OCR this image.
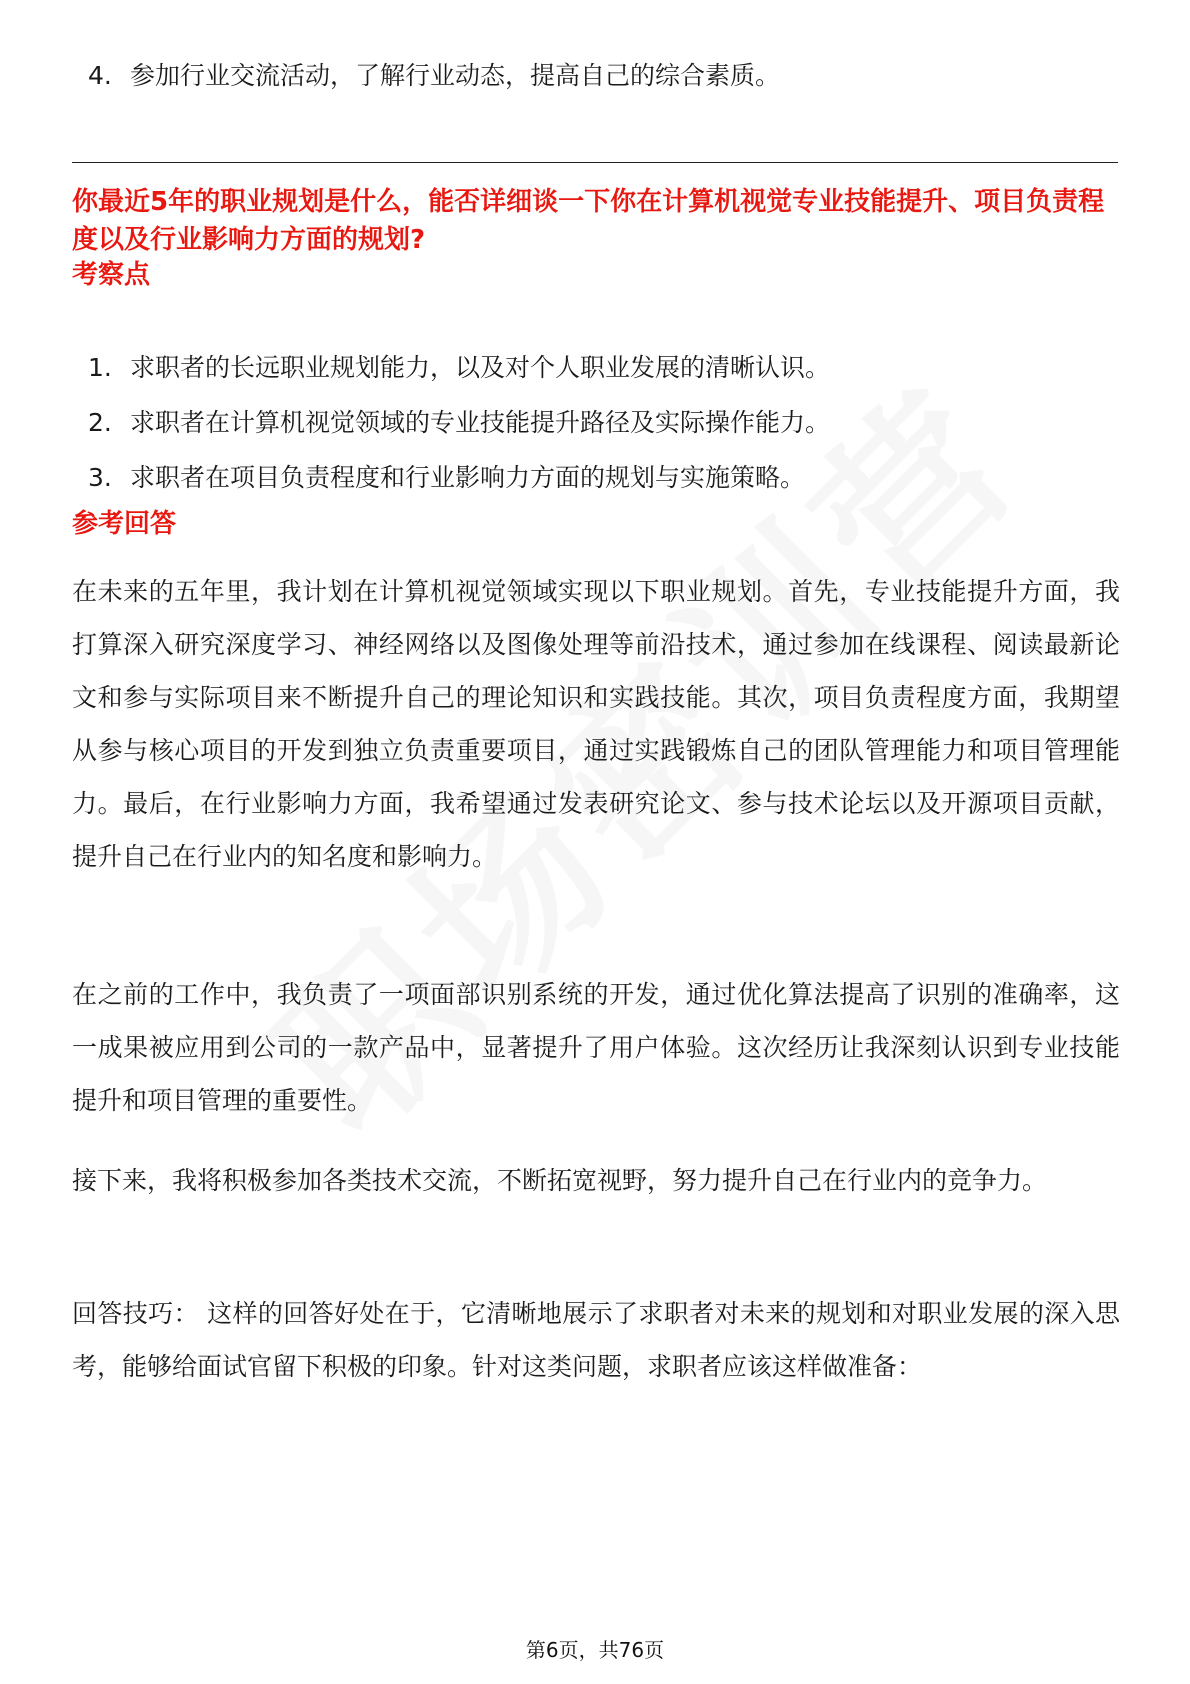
4. 参加行业交流活动，了解行业动态，提高自己的综合素质。
你最近5年的职业规划是什么，能否详细谈一下你在计算机视觉专业技能提升、项目负责程度以及行业影响力方面的规划?
考察点
1. 求职者的长远职业规划能力，以及对个人职业发展的清晰认识。
2. 求职者在计算机视觉领域的专业技能提升路径及实际操作能力。
3. 求职者在项目负责程度和行业影响力方面的规划与实施策略。
参考回答

在未来的五年里，我计划在计算机视觉领域实现以下职业规划。首先，专业技能提升方面，我打算深入研究深度学习、神经网络以及图像处理等前沿技术，通过参加在线课程、阅读最新论文和参与实际项目来不断提升自己的理论知识和实践技能。其次，项目负责程度方面，我期望从参与核心项目的开发到独立负责重要项目，通过实践锻炼自己的团队管理能力和项目管理能力。最后，在行业影响力方面，我希望通过发表研究论文、参与技术论坛以及开源项目贡献，提升自己在行业内的知名度和影响力。

在之前的工作中，我负责了一项面部识别系统的开发，通过优化算法提高了识别的准确率，这一成果被应用到公司的一款产品中，显著提升了用户体验。这次经历让我深刻认识到专业技能提升和项目管理的重要性。

接下来，我将积极参加各类技术交流，不断拓宽视野，努力提升自己在行业内的竞争力。

回答技巧： 这样的回答好处在于，它清晰地展示了求职者对未来的规划和对职业发展的深入思考，能够给面试官留下积极的印象。针对这类问题，求职者应该这样做准备：

第6页，共76页
